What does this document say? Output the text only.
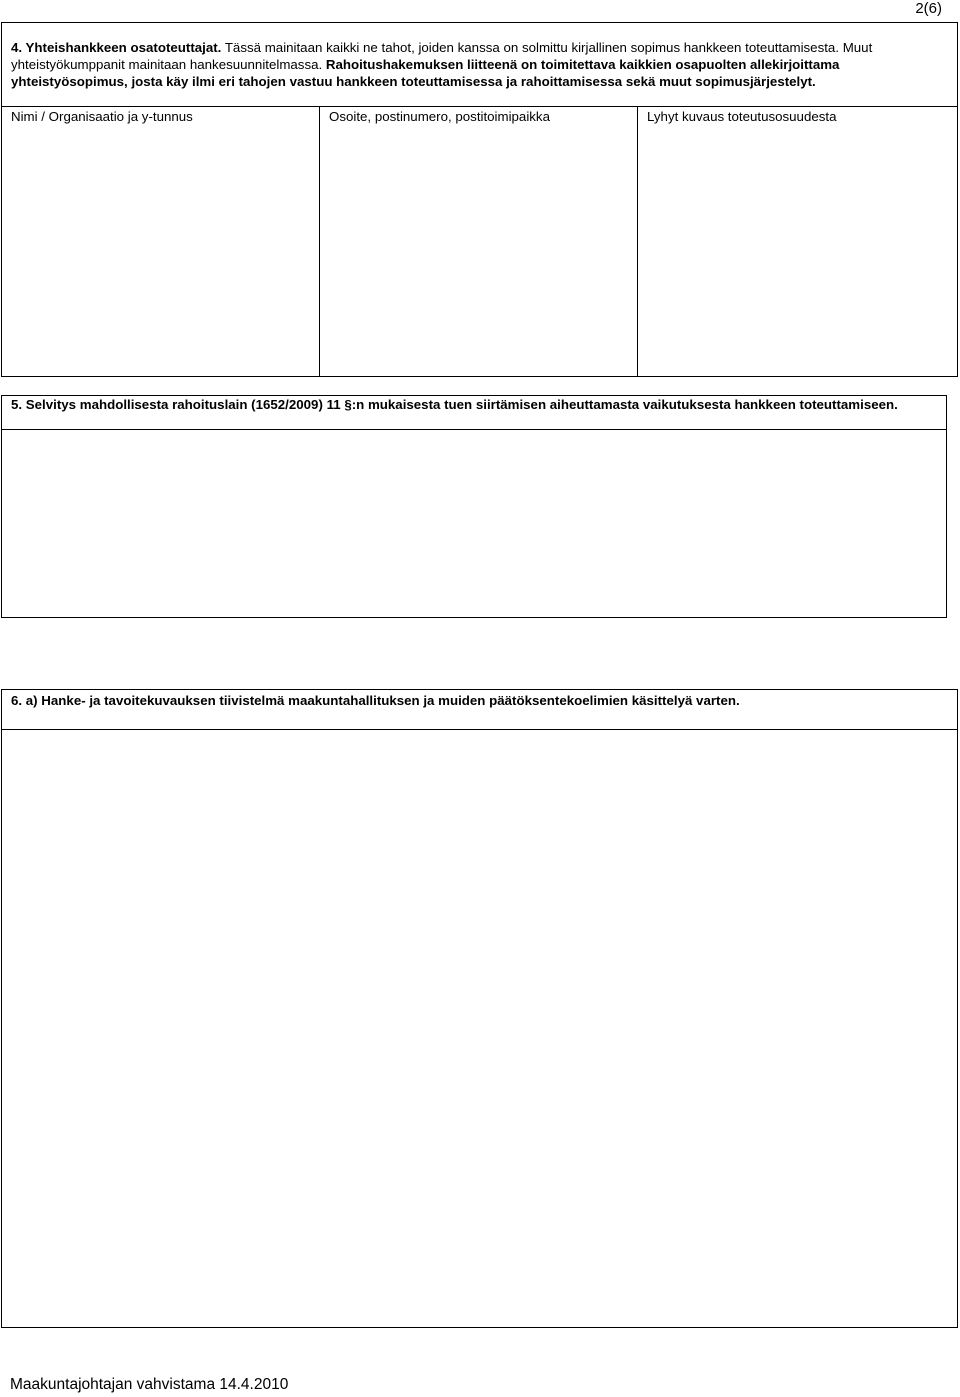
2(6)
4. Yhteishankkeen osatoteuttajat. Tässä mainitaan kaikki ne tahot, joiden kanssa on solmittu kirjallinen sopimus hankkeen toteuttamisesta. Muut yhteistyökumppanit mainitaan hankesuunnitelmassa. Rahoitushakemuksen liitteenä on toimitettava kaikkien osapuolten allekirjoittama yhteistyösopimus, josta käy ilmi eri tahojen vastuu hankkeen toteuttamisessa ja rahoittamisessa sekä muut sopimusjärjestelyt.
Nimi / Organisaatio ja y-tunnus	Osoite, postinumero, postitoimipaikka	Lyhyt kuvaus toteutusosuudesta
5. Selvitys mahdollisesta rahoituslain (1652/2009) 11 §:n mukaisesta tuen siirtämisen aiheuttamasta vaikutuksesta hankkeen toteuttamiseen.
6. a) Hanke- ja tavoitekuvauksen tiivistelmä maakuntahallituksen ja muiden päätöksentekoelimien käsittelyä varten.
Maakuntajohtajan vahvistama 14.4.2010
